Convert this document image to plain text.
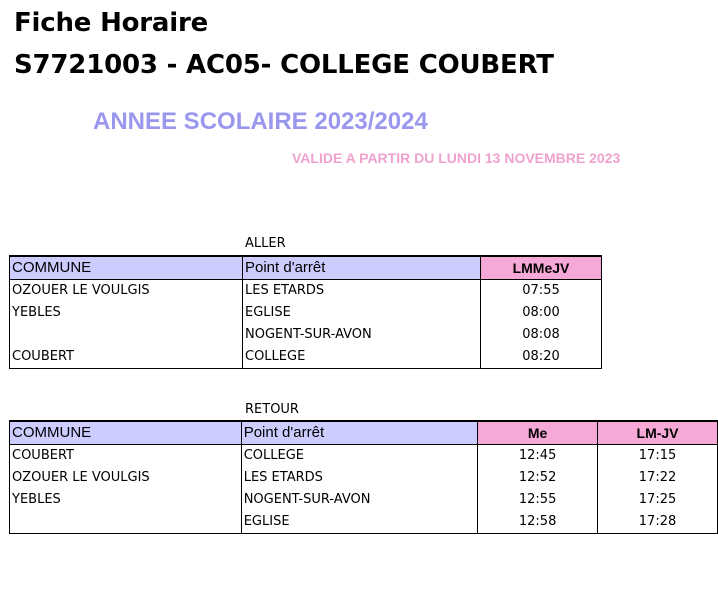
Fiche Horaire
S7721003 - AC05- COLLEGE COUBERT
ANNEE SCOLAIRE 2023/2024
VALIDE A PARTIR DU LUNDI 13 NOVEMBRE 2023
ALLER
COMMUNE	Point d'arrêt	LMMeJV
OZOUER LE VOULGIS	LES ETARDS	07:55
YEBLES	EGLISE	08:00
	NOGENT-SUR-AVON	08:08
COUBERT	COLLEGE	08:20
RETOUR
COMMUNE	Point d'arrêt	Me	LM-JV
COUBERT	COLLEGE	12:45	17:15
OZOUER LE VOULGIS	LES ETARDS	12:52	17:22
YEBLES	NOGENT-SUR-AVON	12:55	17:25
	EGLISE	12:58	17:28
